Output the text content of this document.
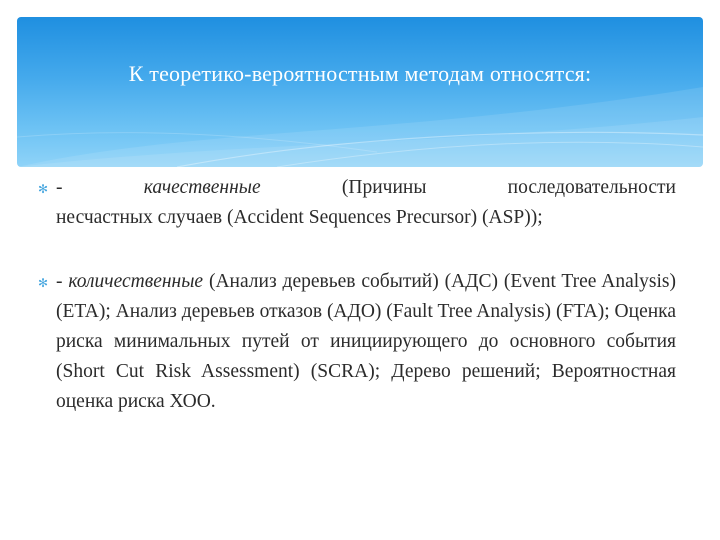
К теоретико-вероятностным методам относятся:
✻ -	качественные	(Причины	последовательности
несчастных случаев (Accident Sequences Precursor) (ASP));
✻ - количественные (Анализ деревьев событий) (АДС) (Event Tree Analysis) (ETA); Анализ деревьев отказов (АДО) (Fault Tree Analysis) (FTA); Оценка риска минимальных путей от инициирующего до основного события (Short Cut Risk Assessment) (SCRA); Дерево решений; Вероятностная оценка риска ХОО.
